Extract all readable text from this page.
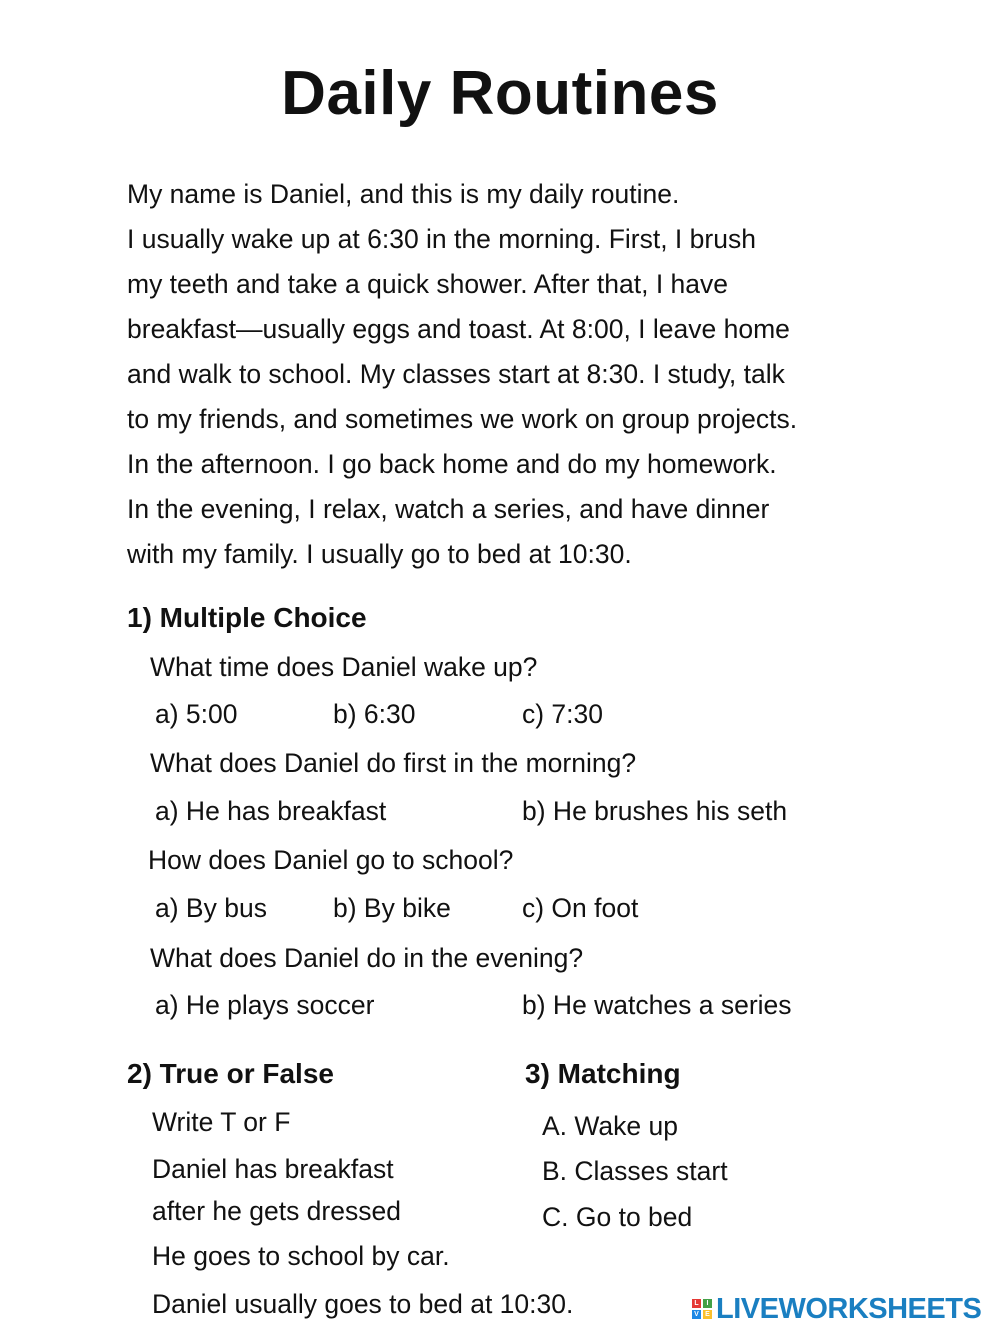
Daily Routines
My name is Daniel, and this is my daily routine.
I usually wake up at 6:30 in the morning. First, I brush
my teeth and take a quick shower. After that, I have
breakfast—usually eggs and toast. At 8:00, I leave home
and walk to school. My classes start at 8:30. I study, talk
to my friends, and sometimes we work on group projects.
In the afternoon. I go back home and do my homework.
In the evening, I relax, watch a series, and have dinner
with my family. I usually go to bed at 10:30.
1) Multiple Choice
What time does Daniel wake up?
a) 5:00	b) 6:30	c) 7:30
What does Daniel do first in the morning?
a) He has breakfast	b) He brushes his seth
How does Daniel go to school?
a) By bus b) By bike	c) On foot
What does Daniel do in the evening?
a) He plays soccer	b) He watches a series
2) True or False
Write T or F
Daniel has breakfast
after he gets dressed
He goes to school by car.
Daniel usually goes to bed at 10:30.
3) Matching
A. Wake up
B. Classes start
C. Go to bed
L	I
V E LIVEWORKSHEETS
